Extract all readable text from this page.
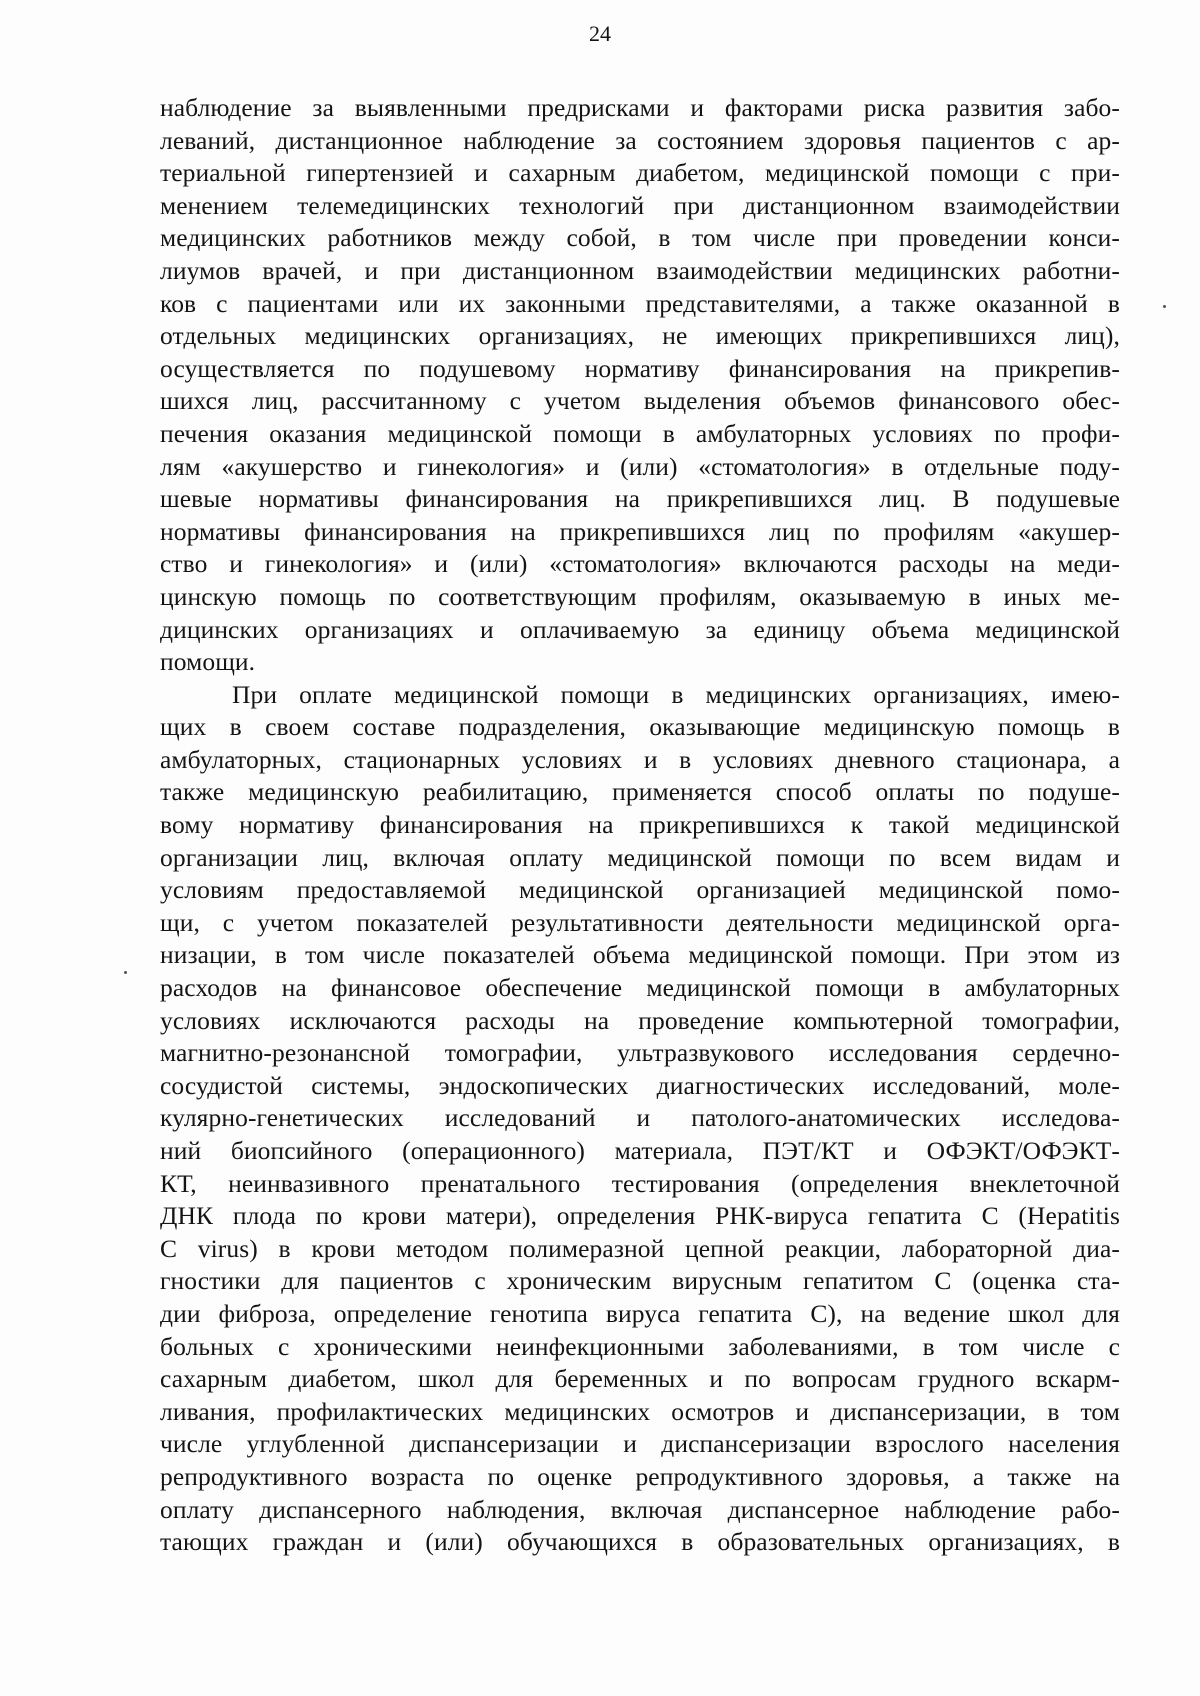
24
наблюдение за выявленными предрисками и факторами риска развития забо-
леваний, дистанционное наблюдение за состоянием здоровья пациентов с ар-
териальной гипертензией и сахарным диабетом, медицинской помощи с при-
менением телемедицинских технологий при дистанционном взаимодействии
медицинских работников между собой, в том числе при проведении конси-
лиумов врачей, и при дистанционном взаимодействии медицинских работни-
ков с пациентами или их законными представителями, а также оказанной в
отдельных медицинских организациях, не имеющих прикрепившихся лиц),
осуществляется по подушевому нормативу финансирования на прикрепив-
шихся лиц, рассчитанному с учетом выделения объемов финансового обес-
печения оказания медицинской помощи в амбулаторных условиях по профи-
лям «акушерство и гинекология» и (или) «стоматология» в отдельные поду-
шевые нормативы финансирования на прикрепившихся лиц. В подушевые
нормативы финансирования на прикрепившихся лиц по профилям «акушер-
ство и гинекология» и (или) «стоматология» включаются расходы на меди-
цинскую помощь по соответствующим профилям, оказываемую в иных ме-
дицинских организациях и оплачиваемую за единицу объема медицинской
помощи.
При оплате медицинской помощи в медицинских организациях, имею-
щих в своем составе подразделения, оказывающие медицинскую помощь в
амбулаторных, стационарных условиях и в условиях дневного стационара, а
также медицинскую реабилитацию, применяется способ оплаты по подуше-
вому нормативу финансирования на прикрепившихся к такой медицинской
организации лиц, включая оплату медицинской помощи по всем видам и
условиям предоставляемой медицинской организацией медицинской помо-
щи, с учетом показателей результативности деятельности медицинской орга-
низации, в том числе показателей объема медицинской помощи. При этом из
расходов на финансовое обеспечение медицинской помощи в амбулаторных
условиях исключаются расходы на проведение компьютерной томографии,
магнитно-резонансной томографии, ультразвукового исследования сердечно-
сосудистой системы, эндоскопических диагностических исследований, моле-
кулярно-генетических исследований и патолого-анатомических исследова-
ний биопсийного (операционного) материала, ПЭТ/КТ и ОФЭКТ/ОФЭКТ-
КТ, неинвазивного пренатального тестирования (определения внеклеточной
ДНК плода по крови матери), определения РНК-вируса гепатита С (Hepatitis
C virus) в крови методом полимеразной цепной реакции, лабораторной диа-
гностики для пациентов с хроническим вирусным гепатитом С (оценка ста-
дии фиброза, определение генотипа вируса гепатита С), на ведение школ для
больных с хроническими неинфекционными заболеваниями, в том числе с
сахарным диабетом, школ для беременных и по вопросам грудного вскарм-
ливания, профилактических медицинских осмотров и диспансеризации, в том
числе углубленной диспансеризации и диспансеризации взрослого населения
репродуктивного возраста по оценке репродуктивного здоровья, а также на
оплату диспансерного наблюдения, включая диспансерное наблюдение рабо-
тающих граждан и (или) обучающихся в образовательных организациях, в
